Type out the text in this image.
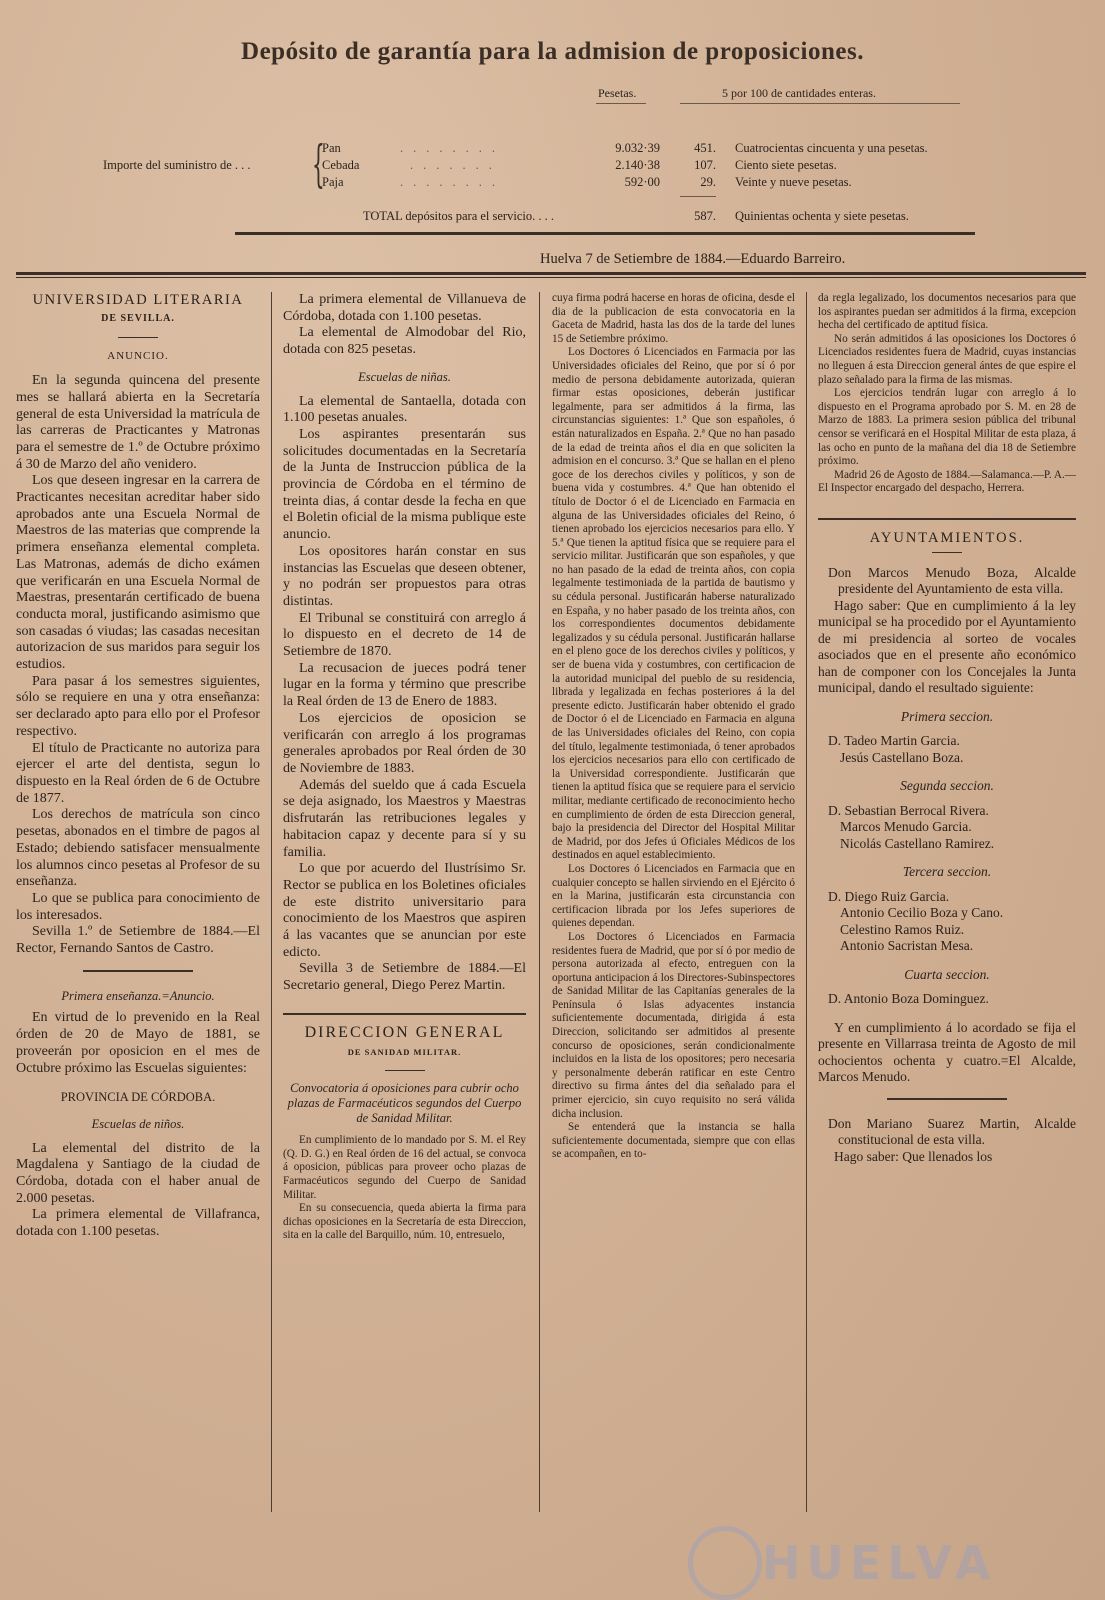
Depósito de garantía para la admision de proposiciones.
Pesetas.	5 por 100 de cantidades enteras.
Importe del suministro de . . . {
Pan	........	9.032·39	451. Cuatrocientas cincuenta y una pesetas.
Cebada	.......	2.140·38	107. Ciento siete pesetas.
Paja	........	592·00	29. Veinte y nueve pesetas.
TOTAL depósitos para el servicio. . . .	587. Quinientas ochenta y siete pesetas.
Huelva 7 de Setiembre de 1884.—Eduardo Barreiro.

UNIVERSIDAD LITERARIA

DE SEVILLA.
ANUNCIO.

En la segunda quincena del presente mes se hallará abierta en la Secretaría general de esta Universidad la matrícula de las carreras de Practicantes y Matronas para el semestre de 1.º de Octubre próximo á 30 de Marzo del año venidero.

Los que deseen ingresar en la carrera de Practicantes necesitan acreditar haber sido aprobados ante una Escuela Normal de Maestros de las materias que comprende la primera enseñanza elemental completa. Las Matronas, además de dicho exámen que verificarán en una Escuela Normal de Maestras, presentarán certificado de buena conducta moral, justificando asimismo que son casadas ó viudas; las casadas necesitan autorizacion de sus maridos para seguir los estudios.

Para pasar á los semestres siguientes, sólo se requiere en una y otra enseñanza: ser declarado apto para ello por el Profesor respectivo.

El título de Practicante no autoriza para ejercer el arte del dentista, segun lo dispuesto en la Real órden de 6 de Octubre de 1877.

Los derechos de matrícula son cinco pesetas, abonados en el timbre de pagos al Estado; debiendo satisfacer mensualmente los alumnos cinco pesetas al Profesor de su enseñanza.

Lo que se publica para conocimiento de los interesados.

Sevilla 1.º de Setiembre de 1884.—El Rector, Fernando Santos de Castro.

Primera enseñanza.=Anuncio.

En virtud de lo prevenido en la Real órden de 20 de Mayo de 1881, se proveerán por oposicion en el mes de Octubre próximo las Escuelas siguientes:

PROVINCIA DE CÓRDOBA.

Escuelas de niños.

La elemental del distrito de la Magdalena y Santiago de la ciudad de Córdoba, dotada con el haber anual de 2.000 pesetas.

La primera elemental de Villafranca, dotada con 1.100 pesetas.

La primera elemental de Villanueva de Córdoba, dotada con 1.100 pesetas.

La elemental de Almodobar del Rio, dotada con 825 pesetas.

Escuelas de niñas.

La elemental de Santaella, dotada con 1.100 pesetas anuales.

Los aspirantes presentarán sus solicitudes documentadas en la Secretaría de la Junta de Instruccion pública de la provincia de Córdoba en el término de treinta dias, á contar desde la fecha en que el Boletin oficial de la misma publique este anuncio.

Los opositores harán constar en sus instancias las Escuelas que deseen obtener, y no podrán ser propuestos para otras distintas.

El Tribunal se constituirá con arreglo á lo dispuesto en el decreto de 14 de Setiembre de 1870.

La recusacion de jueces podrá tener lugar en la forma y término que prescribe la Real órden de 13 de Enero de 1883.

Los ejercicios de oposicion se verificarán con arreglo á los programas generales aprobados por Real órden de 30 de Noviembre de 1883.

Además del sueldo que á cada Escuela se deja asignado, los Maestros y Maestras disfrutarán las retribuciones legales y habitacion capaz y decente para sí y su familia.

Lo que por acuerdo del Ilustrísimo Sr. Rector se publica en los Boletines oficiales de este distrito universitario para conocimiento de los Maestros que aspiren á las vacantes que se anuncian por este edicto.

Sevilla 3 de Setiembre de 1884.—El Secretario general, Diego Perez Martin.

DIRECCION GENERAL

DE SANIDAD MILITAR.

Convocatoria á oposiciones para cubrir ocho plazas de Farmacéuticos segundos del Cuerpo de Sanidad Militar.

En cumplimiento de lo mandado por S. M. el Rey (Q. D. G.) en Real órden de 16 del actual, se convoca á oposicion, públicas para proveer ocho plazas de Farmacéuticos segundo del Cuerpo de Sanidad Militar.

En su consecuencia, queda abierta la firma para dichas oposiciones en la Secretaría de esta Direccion, sita en la calle del Barquillo, núm. 10, entresuelo,

cuya firma podrá hacerse en horas de oficina, desde el dia de la publicacion de esta convocatoria en la Gaceta de Madrid, hasta las dos de la tarde del lunes 15 de Setiembre próximo.

Los Doctores ó Licenciados en Farmacia por las Universidades oficiales del Reino, que por sí ó por medio de persona debidamente autorizada, quieran firmar estas oposiciones, deberán justificar legalmente, para ser admitidos á la firma, las circunstancias siguientes: 1.ª Que son españoles, ó están naturalizados en España. 2.ª Que no han pasado de la edad de treinta años el dia en que soliciten la admision en el concurso. 3.ª Que se hallan en el pleno goce de los derechos civiles y políticos, y son de buena vida y costumbres. 4.ª Que han obtenido el título de Doctor ó el de Licenciado en Farmacia en alguna de las Universidades oficiales del Reino, ó tienen aprobado los ejercicios necesarios para ello. Y 5.ª Que tienen la aptitud física que se requiere para el servicio militar. Justificarán que son españoles, y que no han pasado de la edad de treinta años, con copia legalmente testimoniada de la partida de bautismo y su cédula personal. Justificarán haberse naturalizado en España, y no haber pasado de los treinta años, con los correspondientes documentos debidamente legalizados y su cédula personal. Justificarán hallarse en el pleno goce de los derechos civiles y políticos, y ser de buena vida y costumbres, con certificacion de la autoridad municipal del pueblo de su residencia, librada y legalizada en fechas posteriores á la del presente edicto. Justificarán haber obtenido el grado de Doctor ó el de Licenciado en Farmacia en alguna de las Universidades oficiales del Reino, con copia del título, legalmente testimoniada, ó tener aprobados los ejercicios necesarios para ello con certificado de la Universidad correspondiente. Justificarán que tienen la aptitud física que se requiere para el servicio militar, mediante certificado de reconocimiento hecho en cumplimiento de órden de esta Direccion general, bajo la presidencia del Director del Hospital Militar de Madrid, por dos Jefes ú Oficiales Médicos de los destinados en aquel establecimiento.

Los Doctores ó Licenciados en Farmacia que en cualquier concepto se hallen sirviendo en el Ejército ó en la Marina, justificarán esta circunstancia con certificacion librada por los Jefes superiores de quienes dependan.

Los Doctores ó Licenciados en Farmacia residentes fuera de Madrid, que por sí ó por medio de persona autorizada al efecto, entreguen con la oportuna anticipacion á los Directores-Subinspectores de Sanidad Militar de las Capitanías generales de la Península ó Islas adyacentes instancia suficientemente documentada, dirigida á esta Direccion, solicitando ser admitidos al presente concurso de oposiciones, serán condicionalmente incluidos en la lista de los opositores; pero necesaria y personalmente deberán ratificar en este Centro directivo su firma ántes del dia señalado para el primer ejercicio, sin cuyo requisito no será válida dicha inclusion.

Se entenderá que la instancia se halla suficientemente documentada, siempre que con ellas se acompañen, en to-

da regla legalizado, los documentos necesarios para que los aspirantes puedan ser admitidos á la firma, excepcion hecha del certificado de aptitud física.

No serán admitidos á las oposiciones los Doctores ó Licenciados residentes fuera de Madrid, cuyas instancias no lleguen á esta Direccion general ántes de que espire el plazo señalado para la firma de las mismas.

Los ejercicios tendrán lugar con arreglo á lo dispuesto en el Programa aprobado por S. M. en 28 de Marzo de 1883. La primera sesion pública del tribunal censor se verificará en el Hospital Militar de esta plaza, á las ocho en punto de la mañana del dia 18 de Setiembre próximo.

Madrid 26 de Agosto de 1884.—Salamanca.—P. A.—El Inspector encargado del despacho, Herrera.

AYUNTAMIENTOS.

Don Marcos Menudo Boza, Alcalde presidente del Ayuntamiento de esta villa.

Hago saber: Que en cumplimiento á la ley municipal se ha procedido por el Ayuntamiento de mi presidencia al sorteo de vocales asociados que en el presente año económico han de componer con los Concejales la Junta municipal, dando el resultado siguiente:

Primera seccion.

D. Tadeo Martin Garcia.

Jesús Castellano Boza.

Segunda seccion.

D. Sebastian Berrocal Rivera.

Marcos Menudo Garcia.

Nicolás Castellano Ramirez.

Tercera seccion.

D. Diego Ruiz Garcia.

Antonio Cecilio Boza y Cano.

Celestino Ramos Ruiz.

Antonio Sacristan Mesa.

Cuarta seccion.

D. Antonio Boza Dominguez.

Y en cumplimiento á lo acordado se fija el presente en Villarrasa treinta de Agosto de mil ochocientos ochenta y cuatro.=El Alcalde, Marcos Menudo.

Don Mariano Suarez Martin, Alcalde constitucional de esta villa.

Hago saber: Que llenados los

HUELVA
